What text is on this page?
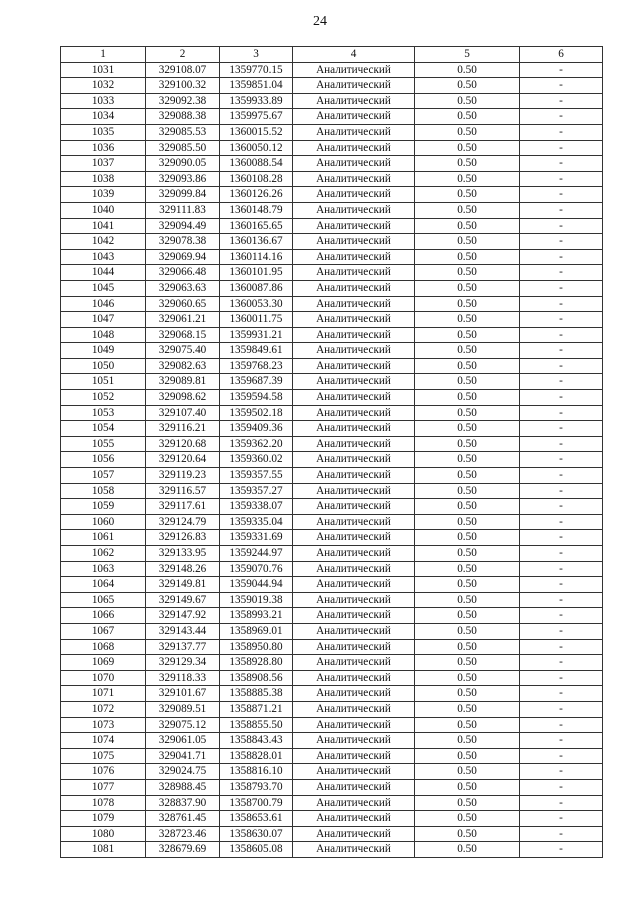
24
1	2	3	4	5	6
1031	329108.07	1359770.15	Аналитический	0.50	-
1032	329100.32	1359851.04	Аналитический	0.50	-
1033	329092.38	1359933.89	Аналитический	0.50	-
1034	329088.38	1359975.67	Аналитический	0.50	-
1035	329085.53	1360015.52	Аналитический	0.50	-
1036	329085.50	1360050.12	Аналитический	0.50	-
1037	329090.05	1360088.54	Аналитический	0.50	-
1038	329093.86	1360108.28	Аналитический	0.50	-
1039	329099.84	1360126.26	Аналитический	0.50	-
1040	329111.83	1360148.79	Аналитический	0.50	-
1041	329094.49	1360165.65	Аналитический	0.50	-
1042	329078.38	1360136.67	Аналитический	0.50	-
1043	329069.94	1360114.16	Аналитический	0.50	-
1044	329066.48	1360101.95	Аналитический	0.50	-
1045	329063.63	1360087.86	Аналитический	0.50	-
1046	329060.65	1360053.30	Аналитический	0.50	-
1047	329061.21	1360011.75	Аналитический	0.50	-
1048	329068.15	1359931.21	Аналитический	0.50	-
1049	329075.40	1359849.61	Аналитический	0.50	-
1050	329082.63	1359768.23	Аналитический	0.50	-
1051	329089.81	1359687.39	Аналитический	0.50	-
1052	329098.62	1359594.58	Аналитический	0.50	-
1053	329107.40	1359502.18	Аналитический	0.50	-
1054	329116.21	1359409.36	Аналитический	0.50	-
1055	329120.68	1359362.20	Аналитический	0.50	-
1056	329120.64	1359360.02	Аналитический	0.50	-
1057	329119.23	1359357.55	Аналитический	0.50	-
1058	329116.57	1359357.27	Аналитический	0.50	-
1059	329117.61	1359338.07	Аналитический	0.50	-
1060	329124.79	1359335.04	Аналитический	0.50	-
1061	329126.83	1359331.69	Аналитический	0.50	-
1062	329133.95	1359244.97	Аналитический	0.50	-
1063	329148.26	1359070.76	Аналитический	0.50	-
1064	329149.81	1359044.94	Аналитический	0.50	-
1065	329149.67	1359019.38	Аналитический	0.50	-
1066	329147.92	1358993.21	Аналитический	0.50	-
1067	329143.44	1358969.01	Аналитический	0.50	-
1068	329137.77	1358950.80	Аналитический	0.50	-
1069	329129.34	1358928.80	Аналитический	0.50	-
1070	329118.33	1358908.56	Аналитический	0.50	-
1071	329101.67	1358885.38	Аналитический	0.50	-
1072	329089.51	1358871.21	Аналитический	0.50	-
1073	329075.12	1358855.50	Аналитический	0.50	-
1074	329061.05	1358843.43	Аналитический	0.50	-
1075	329041.71	1358828.01	Аналитический	0.50	-
1076	329024.75	1358816.10	Аналитический	0.50	-
1077	328988.45	1358793.70	Аналитический	0.50	-
1078	328837.90	1358700.79	Аналитический	0.50	-
1079	328761.45	1358653.61	Аналитический	0.50	-
1080	328723.46	1358630.07	Аналитический	0.50	-
1081	328679.69	1358605.08	Аналитический	0.50	-
